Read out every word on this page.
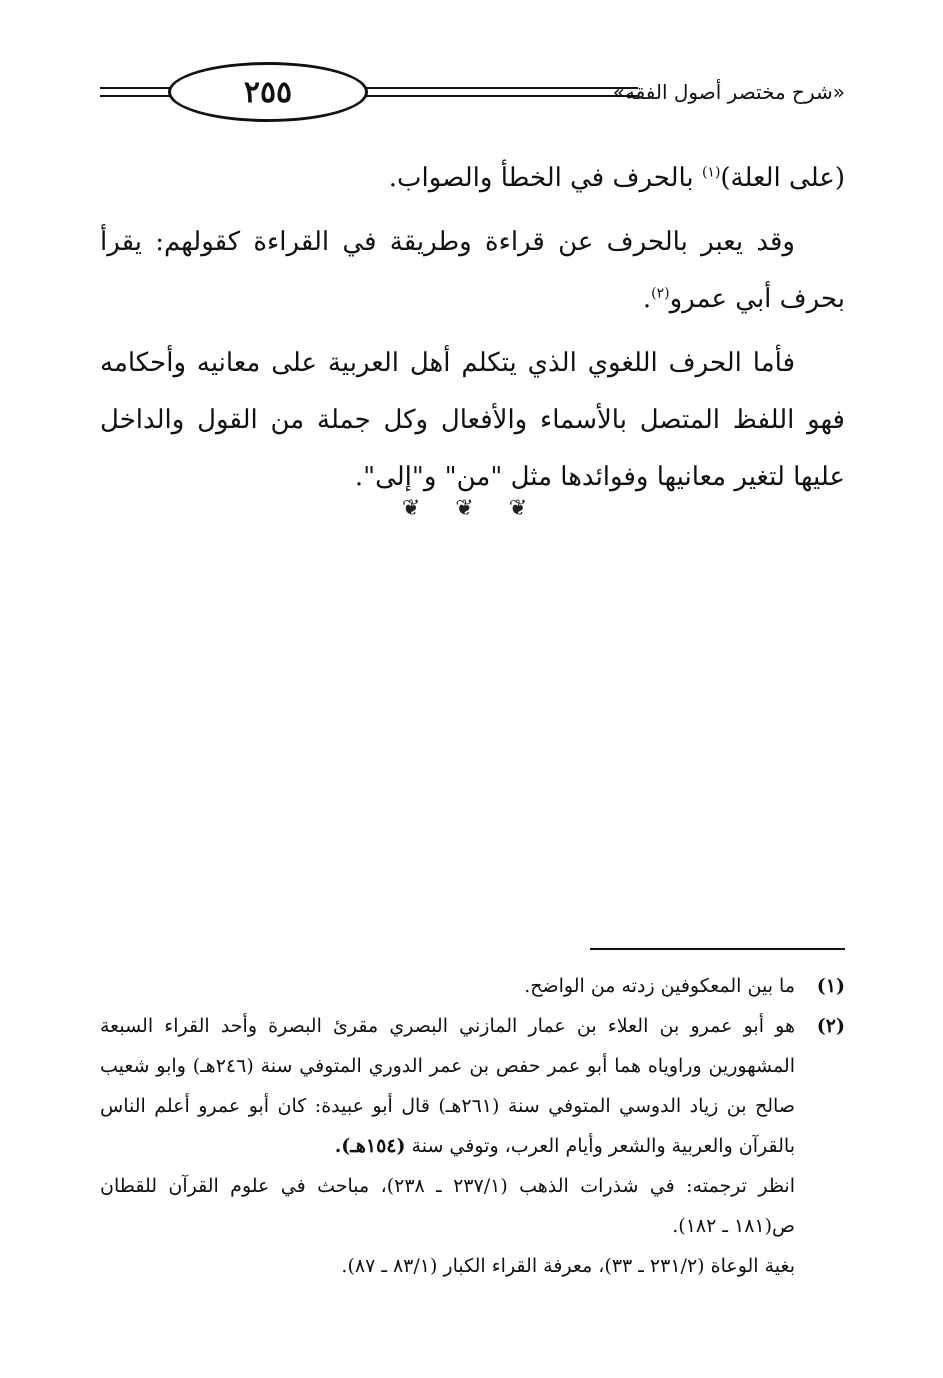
٢٥٥	«شرح مختصر أصول الفقه»

(على العلة)$^{(١)}$ بالحرف في الخطأ والصواب.

وقد يعبر بالحرف عن قراءة وطريقة في القراءة كقولهم: يقرأ بحرف أبي عمرو$^{(٢)}$.

فأما الحرف اللغوي الذي يتكلم أهل العربية على معانيه وأحكامه فهو اللفظ المتصل بالأسماء والأفعال وكل جملة من القول والداخل عليها لتغير معانيها وفوائدها مثل "من" و"إلى".

❦ ❦ ❦

(١)
ما بين المعكوفين زدته من الواضح.

(٢)
هو أبو عمرو بن العلاء بن عمار المازني البصري مقرئ البصرة وأحد القراء السبعة المشهورين وراوياه هما أبو عمر حفص بن عمر الدوري المتوفي سنة (٢٤٦هـ) وابو شعيب صالح بن زياد الدوسي المتوفي سنة (٢٦١هـ) قال أبو عبيدة: كان أبو عمرو أعلم الناس بالقرآن والعربية والشعر وأيام العرب، وتوفي سنة (١٥٤هـ).

انظر ترجمته: في شذرات الذهب (٢٣٧/١ ـ ٢٣٨)، مباحث في علوم القرآن للقطان ص(١٨١ ـ ١٨٢).

بغية الوعاة (٢٣١/٢ ـ ٣٣)، معرفة القراء الكبار (٨٣/١ ـ ٨٧).
